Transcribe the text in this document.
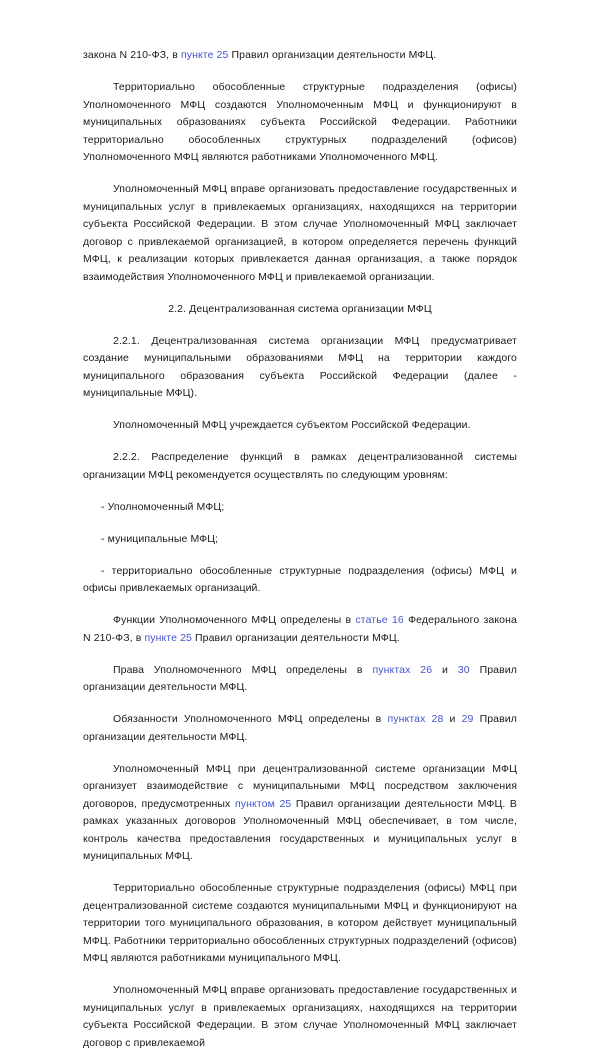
закона N 210-ФЗ, в пункте 25 Правил организации деятельности МФЦ.

Территориально обособленные структурные подразделения (офисы) Уполномоченного МФЦ создаются Уполномоченным МФЦ и функционируют в муниципальных образованиях субъекта Российской Федерации. Работники территориально обособленных структурных подразделений (офисов) Уполномоченного МФЦ являются работниками Уполномоченного МФЦ.

Уполномоченный МФЦ вправе организовать предоставление государственных и муниципальных услуг в привлекаемых организациях, находящихся на территории субъекта Российской Федерации. В этом случае Уполномоченный МФЦ заключает договор с привлекаемой организацией, в котором определяется перечень функций МФЦ, к реализации которых привлекается данная организация, а также порядок взаимодействия Уполномоченного МФЦ и привлекаемой организации.

2.2. Децентрализованная система организации МФЦ

2.2.1. Децентрализованная система организации МФЦ предусматривает создание муниципальными образованиями МФЦ на территории каждого муниципального образования субъекта Российской Федерации (далее - муниципальные МФЦ).

Уполномоченный МФЦ учреждается субъектом Российской Федерации.

2.2.2. Распределение функций в рамках децентрализованной системы организации МФЦ рекомендуется осуществлять по следующим уровням:

- Уполномоченный МФЦ;

- муниципальные МФЦ;

- территориально обособленные структурные подразделения (офисы) МФЦ и офисы привлекаемых организаций.

Функции Уполномоченного МФЦ определены в статье 16 Федерального закона N 210-ФЗ, в пункте 25 Правил организации деятельности МФЦ.

Права Уполномоченного МФЦ определены в пунктах 26 и 30 Правил организации деятельности МФЦ.

Обязанности Уполномоченного МФЦ определены в пунктах 28 и 29 Правил организации деятельности МФЦ.

Уполномоченный МФЦ при децентрализованной системе организации МФЦ организует взаимодействие с муниципальными МФЦ посредством заключения договоров, предусмотренных пунктом 25 Правил организации деятельности МФЦ. В рамках указанных договоров Уполномоченный МФЦ обеспечивает, в том числе, контроль качества предоставления государственных и муниципальных услуг в муниципальных МФЦ.

Территориально обособленные структурные подразделения (офисы) МФЦ при децентрализованной системе создаются муниципальными МФЦ и функционируют на территории того муниципального образования, в котором действует муниципальный МФЦ. Работники территориально обособленных структурных подразделений (офисов) МФЦ являются работниками муниципального МФЦ.

Уполномоченный МФЦ вправе организовать предоставление государственных и муниципальных услуг в привлекаемых организациях, находящихся на территории субъекта Российской Федерации. В этом случае Уполномоченный МФЦ заключает договор с привлекаемой
